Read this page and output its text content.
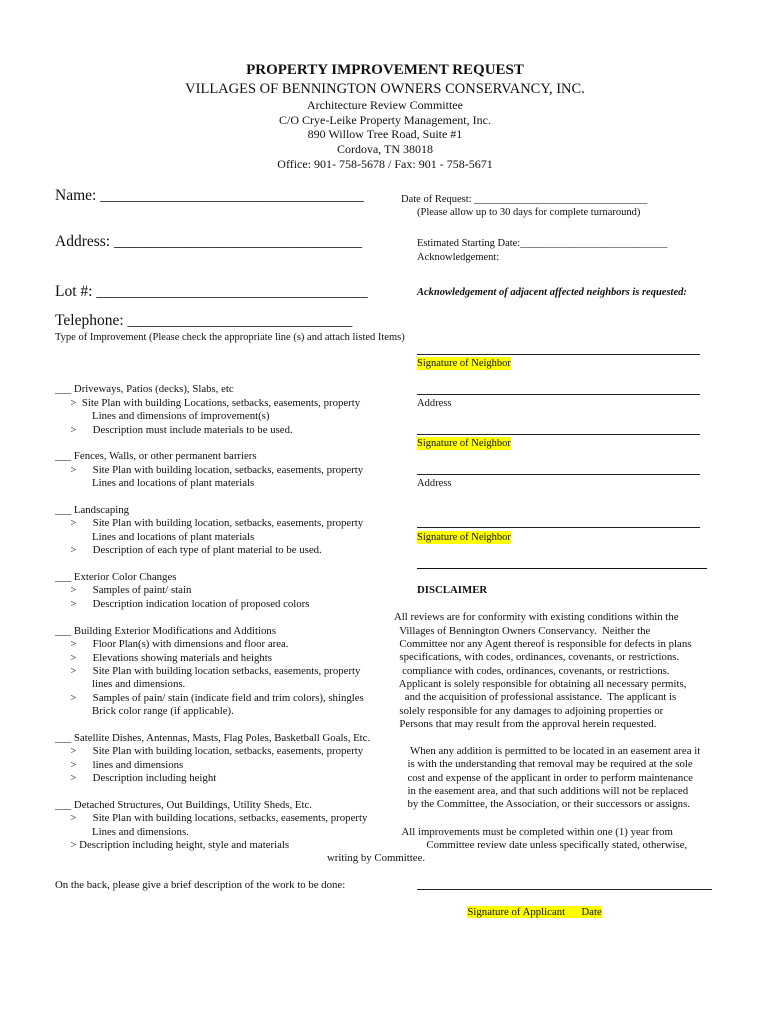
PROPERTY IMPROVEMENT REQUEST
VILLAGES OF BENNINGTON OWNERS CONSERVANCY, INC.
Architecture Review Committee
C/O Crye-Leike Property Management, Inc.
890 Willow Tree Road, Suite #1
Cordova, TN 38018
Office: 901- 758-5678 / Fax: 901 - 758-5671
Name: __________________________________
Address: ________________________________
Lot #: ___________________________________
Telephone: _____________________________
Date of Request: _________________________________
(Please allow up to 30 days for complete turnaround)
Estimated Starting Date:____________________________
Acknowledgement:
Acknowledgement of adjacent affected neighbors is requested:
Type of Improvement (Please check the appropriate line (s) and attach listed Items)
___ Driveways, Patios (decks), Slabs, etc
>  Site Plan with building Locations, setbacks, easements, property
Lines and dimensions of improvement(s)
>      Description must include materials to be used.
___ Fences, Walls, or other permanent barriers
>      Site Plan with building location, setbacks, easements, property
Lines and locations of plant materials
___ Landscaping
>      Site Plan with building location, setbacks, easements, property
Lines and locations of plant materials
>      Description of each type of plant material to be used.
___ Exterior Color Changes
>      Samples of paint/ stain
>      Description indication location of proposed colors
___ Building Exterior Modifications and Additions
>      Floor Plan(s) with dimensions and floor area.
>      Elevations showing materials and heights
>      Site Plan with building location setbacks, easements, property
lines and dimensions.
>      Samples of pain/ stain (indicate field and trim colors), shingles
Brick color range (if applicable).
___ Satellite Dishes, Antennas, Masts, Flag Poles, Basketball Goals, Etc.
>      Site Plan with building location, setbacks, easements, property
>      lines and dimensions
>      Description including height
___ Detached Structures, Out Buildings, Utility Sheds, Etc.
>      Site Plan with building locations, setbacks, easements, property
Lines and dimensions.
> Description including height, style and materials
writing by Committee.
On the back, please give a brief description of the work to be done:
Signature of Neighbor
Address
Signature of Neighbor
Address
Signature of Neighbor
DISCLAIMER
All reviews are for conformity with existing conditions within the
Villages of Bennington Owners Conservancy.  Neither the
Committee nor any Agent thereof is responsible for defects in plans
specifications, with codes, ordinances, covenants, or restrictions.
compliance with codes, ordinances, covenants, or restrictions.
Applicant is solely responsible for obtaining all necessary permits,
and the acquisition of professional assistance.  The applicant is
solely responsible for any damages to adjoining properties or
Persons that may result from the approval herein requested.
When any addition is permitted to be located in an easement area it
is with the understanding that removal may be required at the sole
cost and expense of the applicant in order to perform maintenance
in the easement area, and that such additions will not be replaced
by the Committee, the Association, or their successors or assigns.
All improvements must be completed within one (1) year from
Committee review date unless specifically stated, otherwise,

Signature of Applicant Date
